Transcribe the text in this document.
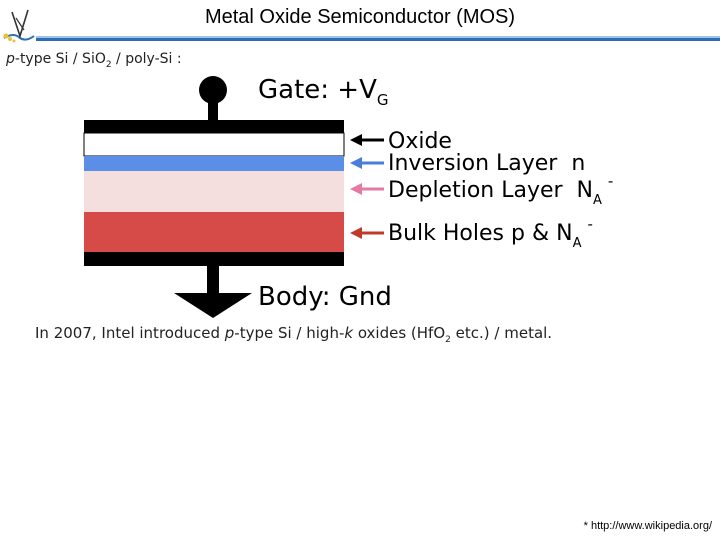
Metal Oxide Semiconductor (MOS)
p-type Si / SiO$_2$ / poly-Si :
Gate: $+V_G$
Body: Gnd
Oxide
Inversion Layer  n
Depletion Layer  $N_A^-$
Bulk Holes p & $N_A^-$
In 2007, Intel introduced p-type Si / high-k oxides (HfO$_2$ etc.) / metal.
* http://www.wikipedia.org/
